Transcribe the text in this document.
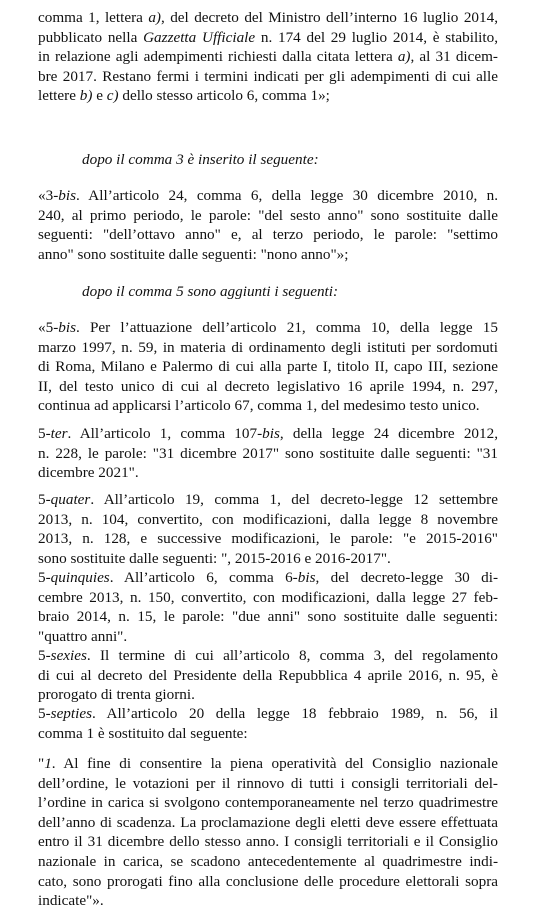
comma 1, lettera a), del decreto del Ministro dell’interno 16 luglio 2014,
pubblicato nella Gazzetta Ufficiale n. 174 del 29 luglio 2014, è stabilito,
in relazione agli adempimenti richiesti dalla citata lettera a), al 31 dicem-
bre 2017. Restano fermi i termini indicati per gli adempimenti di cui alle
lettere b) e c) dello stesso articolo 6, comma 1»;
dopo il comma 3 è inserito il seguente:
«3-bis. All’articolo 24, comma 6, della legge 30 dicembre 2010, n.
240, al primo periodo, le parole: "del sesto anno" sono sostituite dalle
seguenti: "dell’ottavo anno" e, al terzo periodo, le parole: "settimo
anno" sono sostituite dalle seguenti: "nono anno"»;
dopo il comma 5 sono aggiunti i seguenti:
«5-bis. Per l’attuazione dell’articolo 21, comma 10, della legge 15
marzo 1997, n. 59, in materia di ordinamento degli istituti per sordomuti
di Roma, Milano e Palermo di cui alla parte I, titolo II, capo III, sezione
II, del testo unico di cui al decreto legislativo 16 aprile 1994, n. 297,
continua ad applicarsi l’articolo 67, comma 1, del medesimo testo unico.
5-ter. All’articolo 1, comma 107-bis, della legge 24 dicembre 2012,
n. 228, le parole: "31 dicembre 2017" sono sostituite dalle seguenti: "31
dicembre 2021".
5-quater. All’articolo 19, comma 1, del decreto-legge 12 settembre
2013, n. 104, convertito, con modificazioni, dalla legge 8 novembre
2013, n. 128, e successive modificazioni, le parole: "e 2015-2016"
sono sostituite dalle seguenti: ", 2015-2016 e 2016-2017".
5-quinquies. All’articolo 6, comma 6-bis, del decreto-legge 30 di-
cembre 2013, n. 150, convertito, con modificazioni, dalla legge 27 feb-
braio 2014, n. 15, le parole: "due anni" sono sostituite dalle seguenti:
"quattro anni".
5-sexies. Il termine di cui all’articolo 8, comma 3, del regolamento
di cui al decreto del Presidente della Repubblica 4 aprile 2016, n. 95, è
prorogato di trenta giorni.
5-septies. All’articolo 20 della legge 18 febbraio 1989, n. 56, il
comma 1 è sostituito dal seguente:
"1. Al fine di consentire la piena operatività del Consiglio nazionale
dell’ordine, le votazioni per il rinnovo di tutti i consigli territoriali del-
l’ordine in carica si svolgono contemporaneamente nel terzo quadrimestre
dell’anno di scadenza. La proclamazione degli eletti deve essere effettuata
entro il 31 dicembre dello stesso anno. I consigli territoriali e il Consiglio
nazionale in carica, se scadono antecedentemente al quadrimestre indi-
cato, sono prorogati fino alla conclusione delle procedure elettorali sopra
indicate"».
